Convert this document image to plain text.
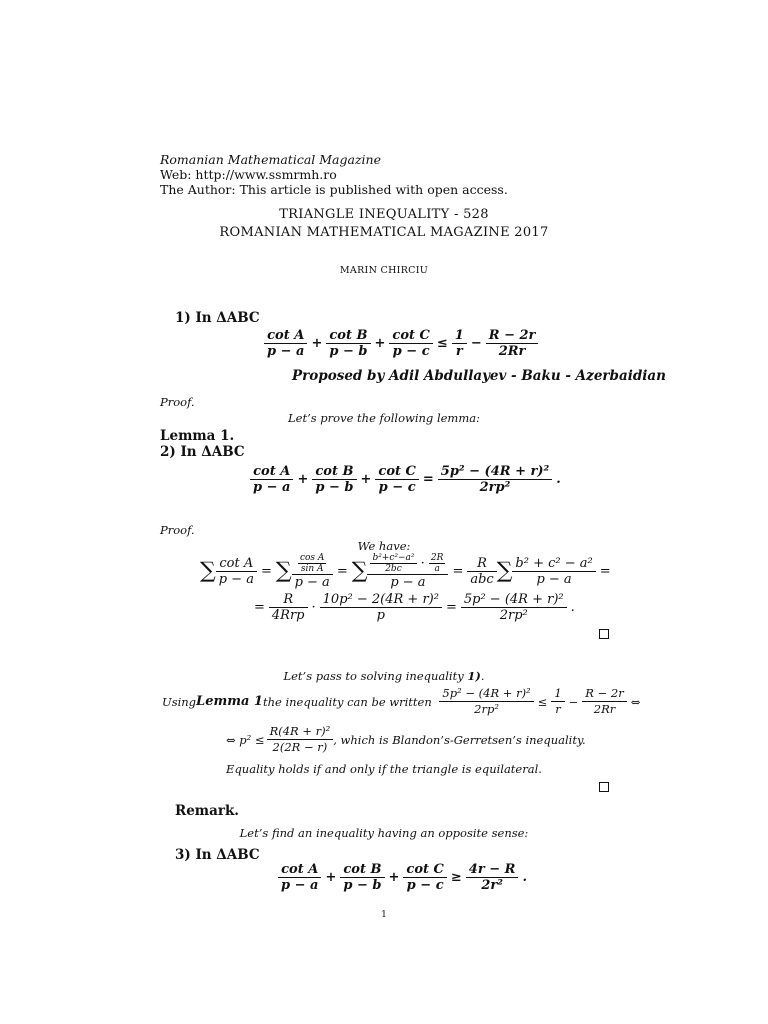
Romanian Mathematical Magazine
Web: http://www.ssmrmh.ro
The Author: This article is published with open access.
TRIANGLE INEQUALITY - 528
ROMANIAN MATHEMATICAL MAGAZINE 2017
MARIN CHIRCIU
1) In ΔABC
$\frac{\text{cot A}}{p - a} + \frac{\text{cot B}}{p - b} + \frac{\text{cot C}}{p - c} \le \frac{1}{r} - \frac{R - 2r}{2Rr}$
Proposed by Adil Abdullayev - Baku - Azerbaidian
Proof.
Let’s prove the following lemma:
Lemma 1.
2) In ΔABC
$\frac{\text{cot A}}{p - a} + \frac{\text{cot B}}{p - b} + \frac{\text{cot C}}{p - c} = \frac{\text{5p² − (4R + r)²}}{\text{2rp²}}$ .
Proof.
We have:
∑ $\frac{\text{cot A}}{p - a}$ = ∑ $\frac{\frac{\text{cos A}}{\text{sin A}}}{p - a}$ = ∑ $\frac{\frac{\text{b²+c²−a²}}{2bc} \cdot \frac{2R}{a}}{p - a} = \frac{R}{\text{abc}}$ ∑ $\frac{\text{b² + c² − a²}}{p - a}$ =
= $\frac{R}{\text{4Rrp}} \cdot \frac{\text{10p² − 2(4R + r)²}}{p} = \frac{\text{5p² − (4R + r)²}}{\text{2rp²}}$ .
Let’s pass to solving inequality 1).
UsingLemma 1the inequality can be written $\frac{\text{5p² − (4R + r)²}}{\text{2rp²}} \le \frac{1}{r} - \frac{R - 2r}{2Rr}$ ⇔
⇔ $p^2 \le \frac{\text{R(4R + r)²}}{2(2R - r)}$ , which is Blandon’s-Gerretsen’s inequality.
Equality holds if and only if the triangle is equilateral.
Remark.
Let’s find an inequality having an opposite sense:
3) In ΔABC
$\frac{\text{cot A}}{p - a} + \frac{\text{cot B}}{p - b} + \frac{\text{cot C}}{p - c} \ge \frac{4r - R}{\text{2r²}}$ .
1
